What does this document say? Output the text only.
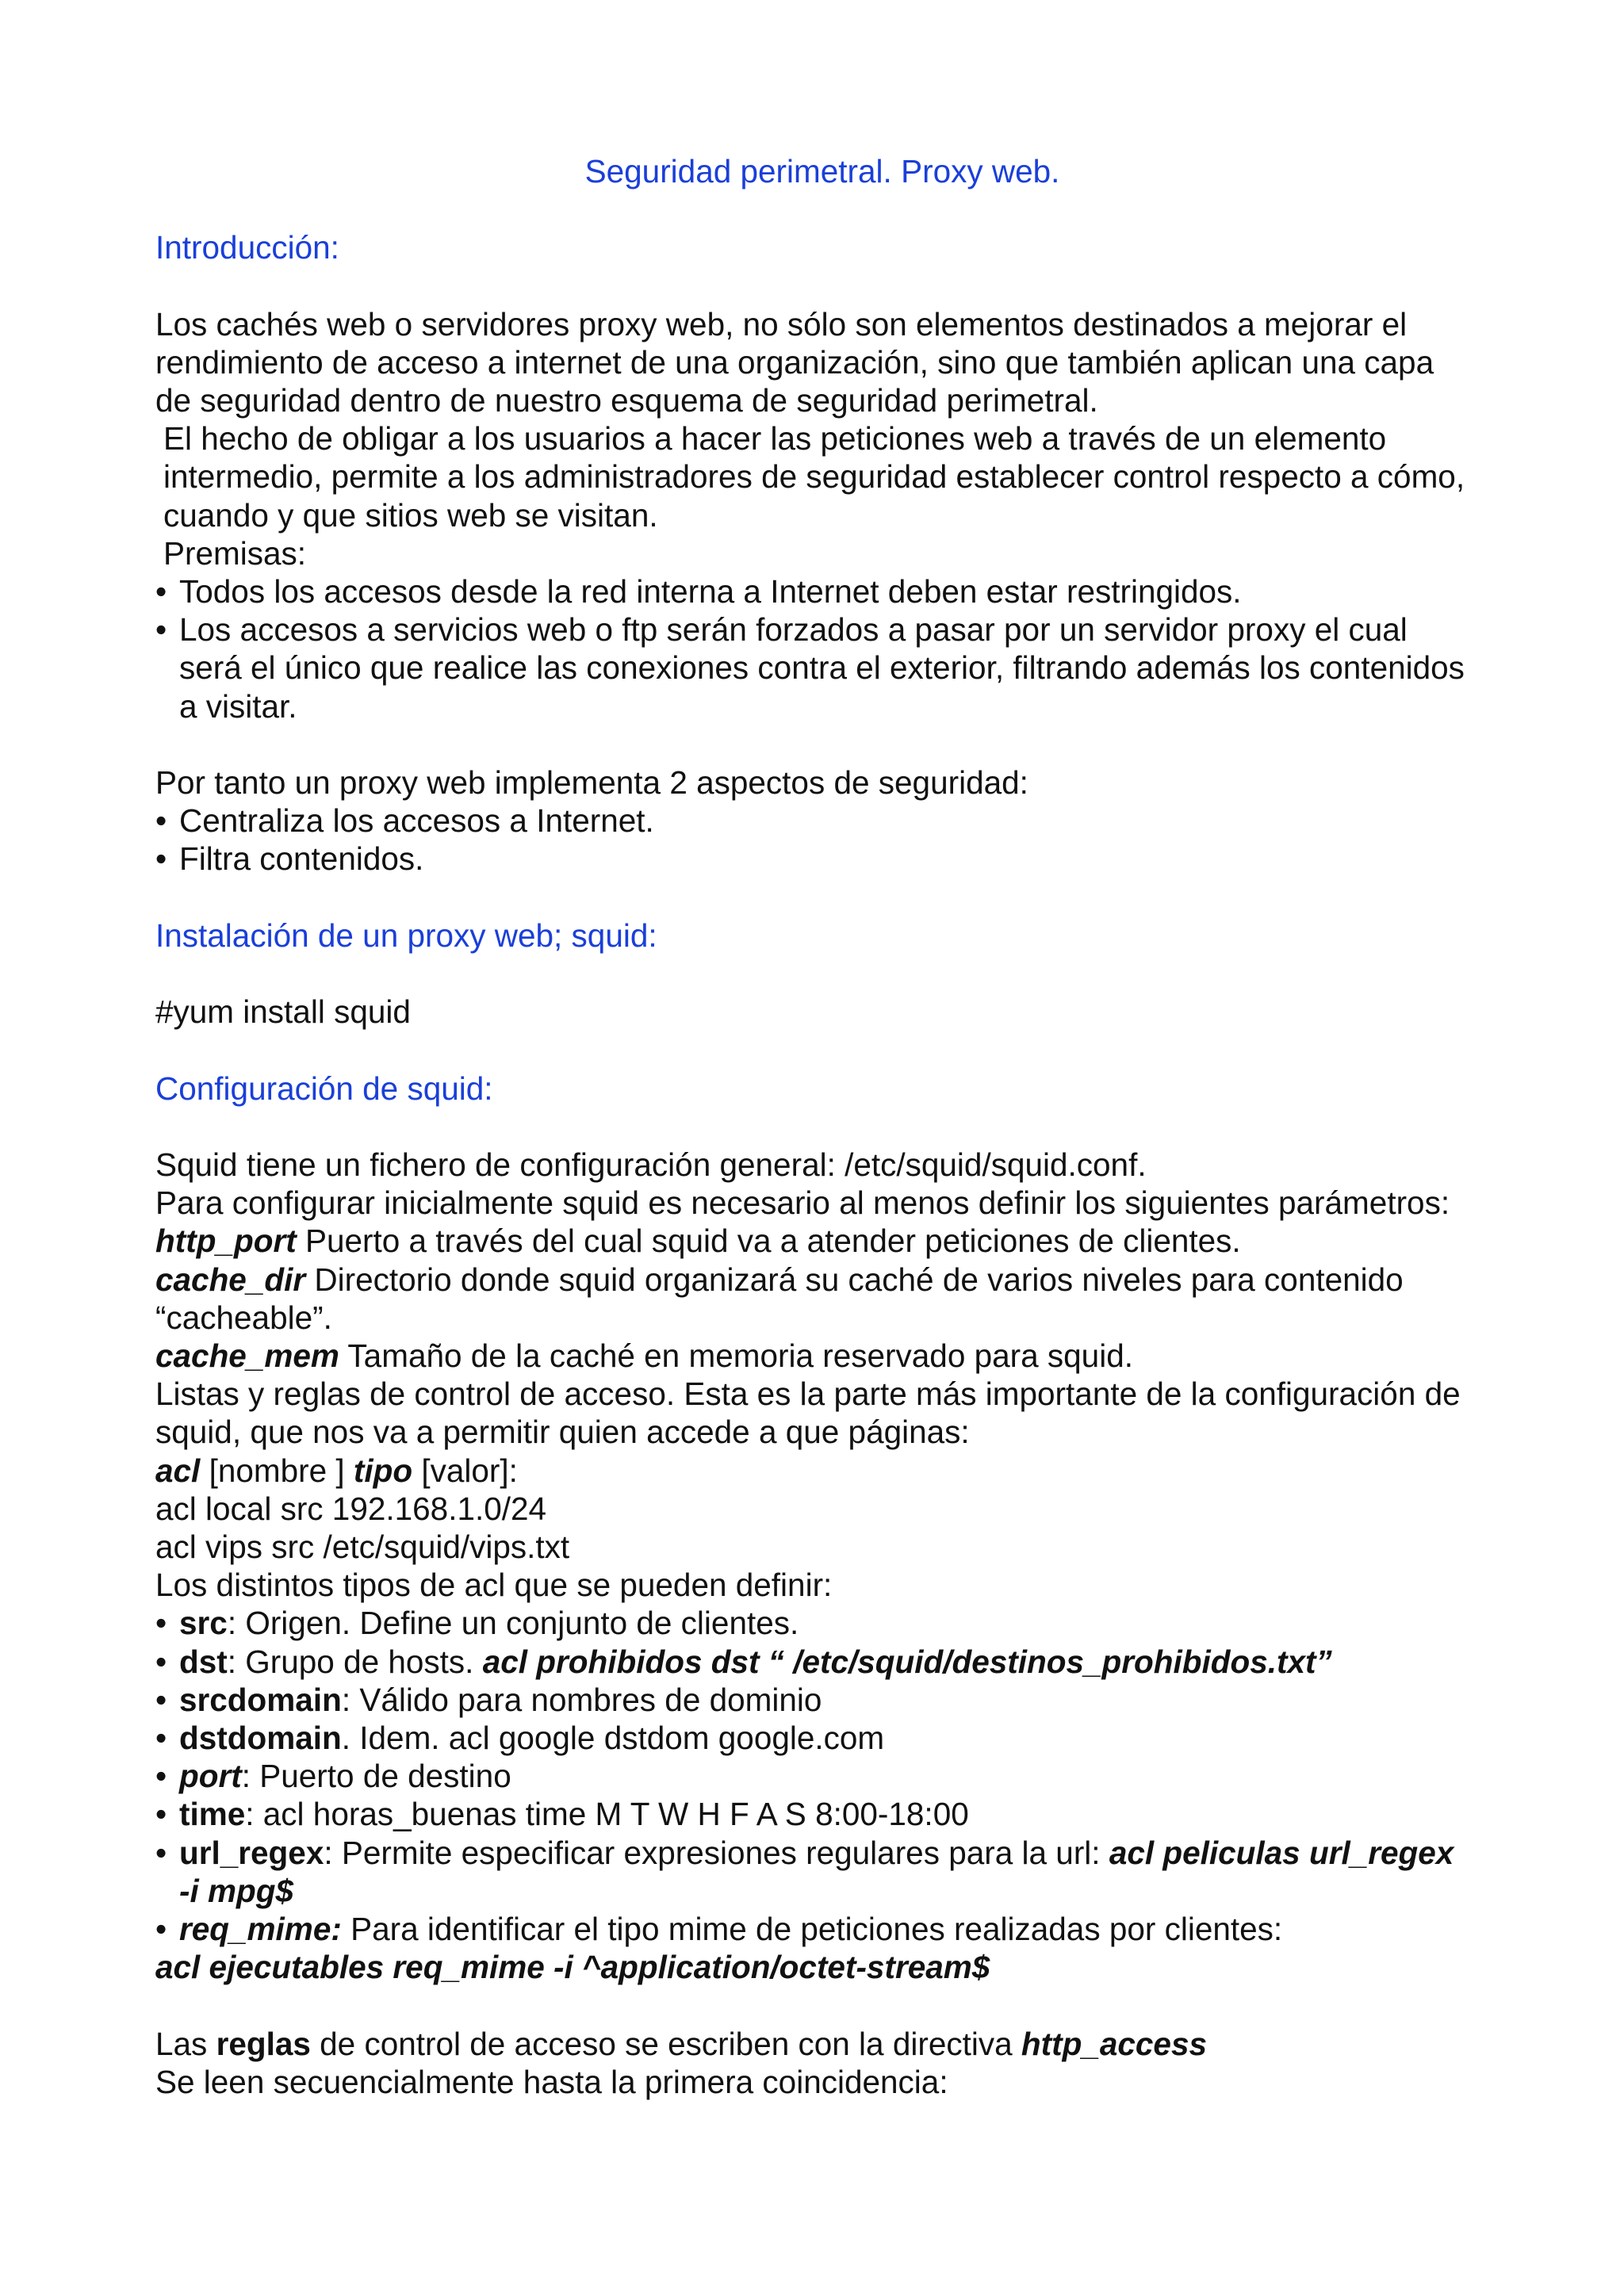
Seguridad perimetral. Proxy web.

Introducción:

Los cachés web o servidores proxy web, no sólo son elementos destinados a mejorar el rendimiento de acceso a internet de una organización, sino que también aplican una capa de seguridad dentro de nuestro esquema de seguridad perimetral.

El hecho de obligar a los usuarios a hacer las peticiones web a través de un elemento intermedio, permite a los administradores de seguridad establecer control respecto a cómo, cuando y que sitios web se visitan.

Premisas:

• Todos los accesos desde la red interna a Internet deben estar restringidos.
• Los accesos a servicios web o ftp serán forzados a pasar por un servidor proxy el cual será el único que realice las conexiones contra el exterior, filtrando además los contenidos a visitar.

Por tanto un proxy web implementa 2 aspectos de seguridad:

• Centraliza los accesos a Internet.
• Filtra contenidos.

Instalación de un proxy web; squid:

#yum install squid

Configuración de squid:

Squid tiene un fichero de configuración general: /etc/squid/squid.conf.

Para configurar inicialmente squid es necesario al menos definir los siguientes parámetros:

http_port Puerto a través del cual squid va a atender peticiones de clientes.

cache_dir Directorio donde squid organizará su caché de varios niveles para contenido “cacheable”.

cache_mem Tamaño de la caché en memoria reservado para squid.

Listas y reglas de control de acceso. Esta es la parte más importante de la configuración de squid, que nos va a permitir quien accede a que páginas:

acl [nombre ] tipo [valor]:

acl local src 192.168.1.0/24

acl vips src /etc/squid/vips.txt

Los distintos tipos de acl que se pueden definir:

• src: Origen. Define un conjunto de clientes.
• dst: Grupo de hosts. acl prohibidos dst “ /etc/squid/destinos_prohibidos.txt”
• srcdomain: Válido para nombres de dominio
• dstdomain. Idem. acl google dstdom google.com
• port: Puerto de destino
• time: acl horas_buenas time M T W H F A S 8:00-18:00
• url_regex: Permite especificar expresiones regulares para la url: acl peliculas url_regex -i mpg$
• req_mime: Para identificar el tipo mime de peticiones realizadas por clientes:

acl ejecutables req_mime -i ^application/octet-stream$

Las reglas de control de acceso se escriben con la directiva http_access

Se leen secuencialmente hasta la primera coincidencia:
